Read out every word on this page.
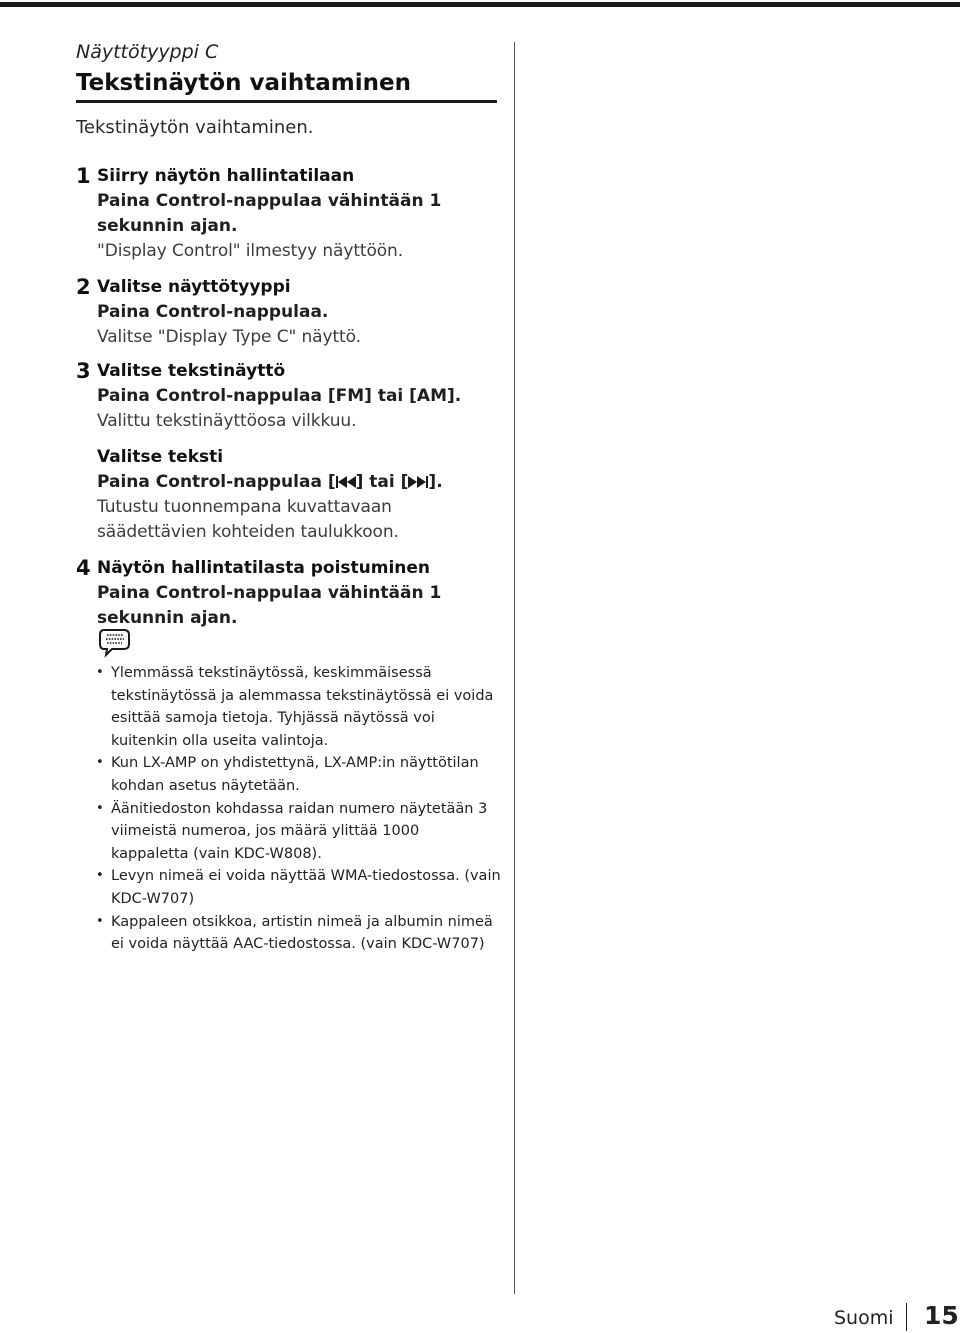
Näyttötyyppi C

Tekstinäytön vaihtaminen

Tekstinäytön vaihtaminen.

1 Siirry näytön hallintatilaan
Paina Control-nappulaa vähintään 1 sekunnin ajan.
"Display Control" ilmestyy näyttöön.
2 Valitse näyttötyyppi
Paina Control-nappulaa.
Valitse "Display Type C" näyttö.
3 Valitse tekstinäyttö
Paina Control-nappulaa [FM] tai [AM].
Valittu tekstinäyttöosa vilkkuu.
Valitse teksti
Paina Control-nappulaa [ ] tai [ ].
Tutustu tuonnempana kuvattavaan säädettävien kohteiden taulukkoon.
4 Näytön hallintatilasta poistuminen
Paina Control-nappulaa vähintään 1 sekunnin ajan.
• Ylemmässä tekstinäytössä, keskimmäisessä tekstinäytössä ja alemmassa tekstinäytössä ei voida esittää samoja tietoja. Tyhjässä näytössä voi kuitenkin olla useita valintoja.
• Kun LX-AMP on yhdistettynä, LX-AMP:in näyttötilan kohdan asetus näytetään.
• Äänitiedoston kohdassa raidan numero näytetään 3 viimeistä numeroa, jos määrä ylittää 1000 kappaletta (vain KDC-W808).
• Levyn nimeä ei voida näyttää WMA-tiedostossa. (vain KDC-W707)
• Kappaleen otsikkoa, artistin nimeä ja albumin nimeä ei voida näyttää AAC-tiedostossa. (vain KDC-W707)
Suomi 15
